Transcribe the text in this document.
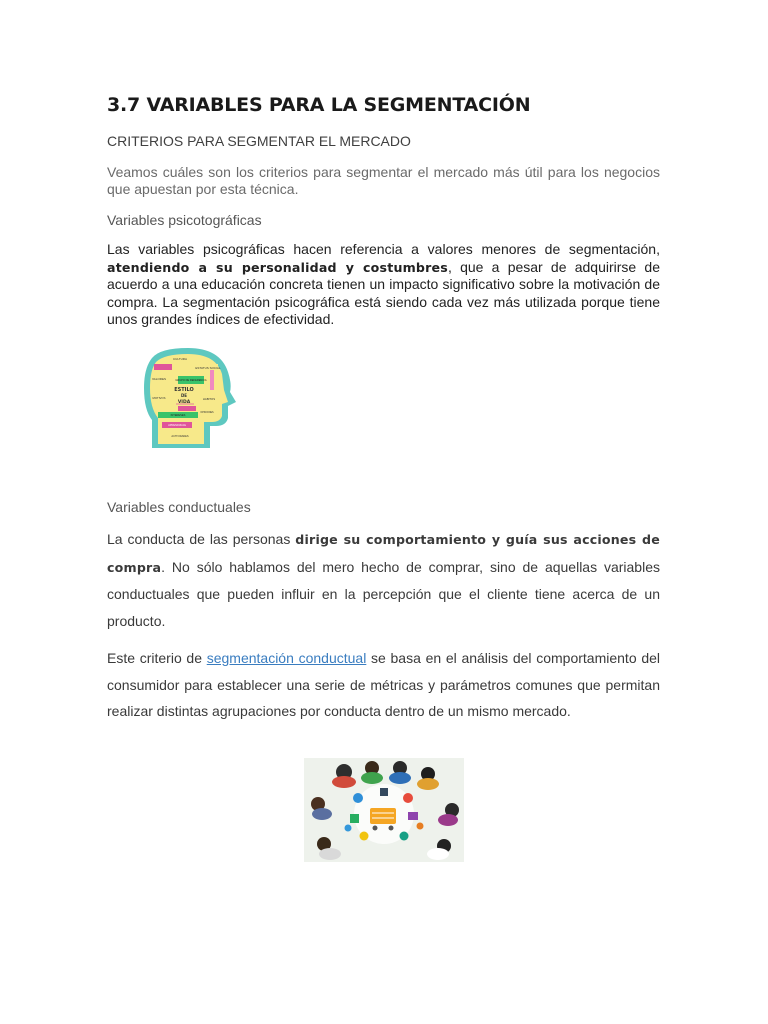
3.7 VARIABLES PARA LA SEGMENTACIÓN
CRITERIOS PARA SEGMENTAR EL MERCADO

Veamos cuáles son los criterios para segmentar el mercado más útil para los negocios que apuestan por esta técnica.

Variables psicotográficas

Las variables psicográficas hacen referencia a valores menores de segmentación, atendiendo a su personalidad y costumbres, que a pesar de adquirirse de acuerdo a una educación concreta tienen un impacto significativo sobre la motivación de compra. La segmentación psicográfica está siendo cada vez más utilizada porque tiene unos grandes índices de efectividad.

CULTURA
ESTATUS SOCIAL
GRUPO DE REFERENCIA
VALORES
ESTILO
DE
VIDA
MOTIVOS	HABITOS
OPINIONES
INTERESES
APRENDIZAJE
ACTIVIDADES
Variables conductuales

La conducta de las personas dirige su comportamiento y guía sus acciones de compra. No sólo hablamos del mero hecho de comprar, sino de aquellas variables conductuales que pueden influir en la percepción que el cliente tiene acerca de un producto.

Este criterio de segmentación conductual se basa en el análisis del comportamiento del consumidor para establecer una serie de métricas y parámetros comunes que permitan realizar distintas agrupaciones por conducta dentro de un mismo mercado.
